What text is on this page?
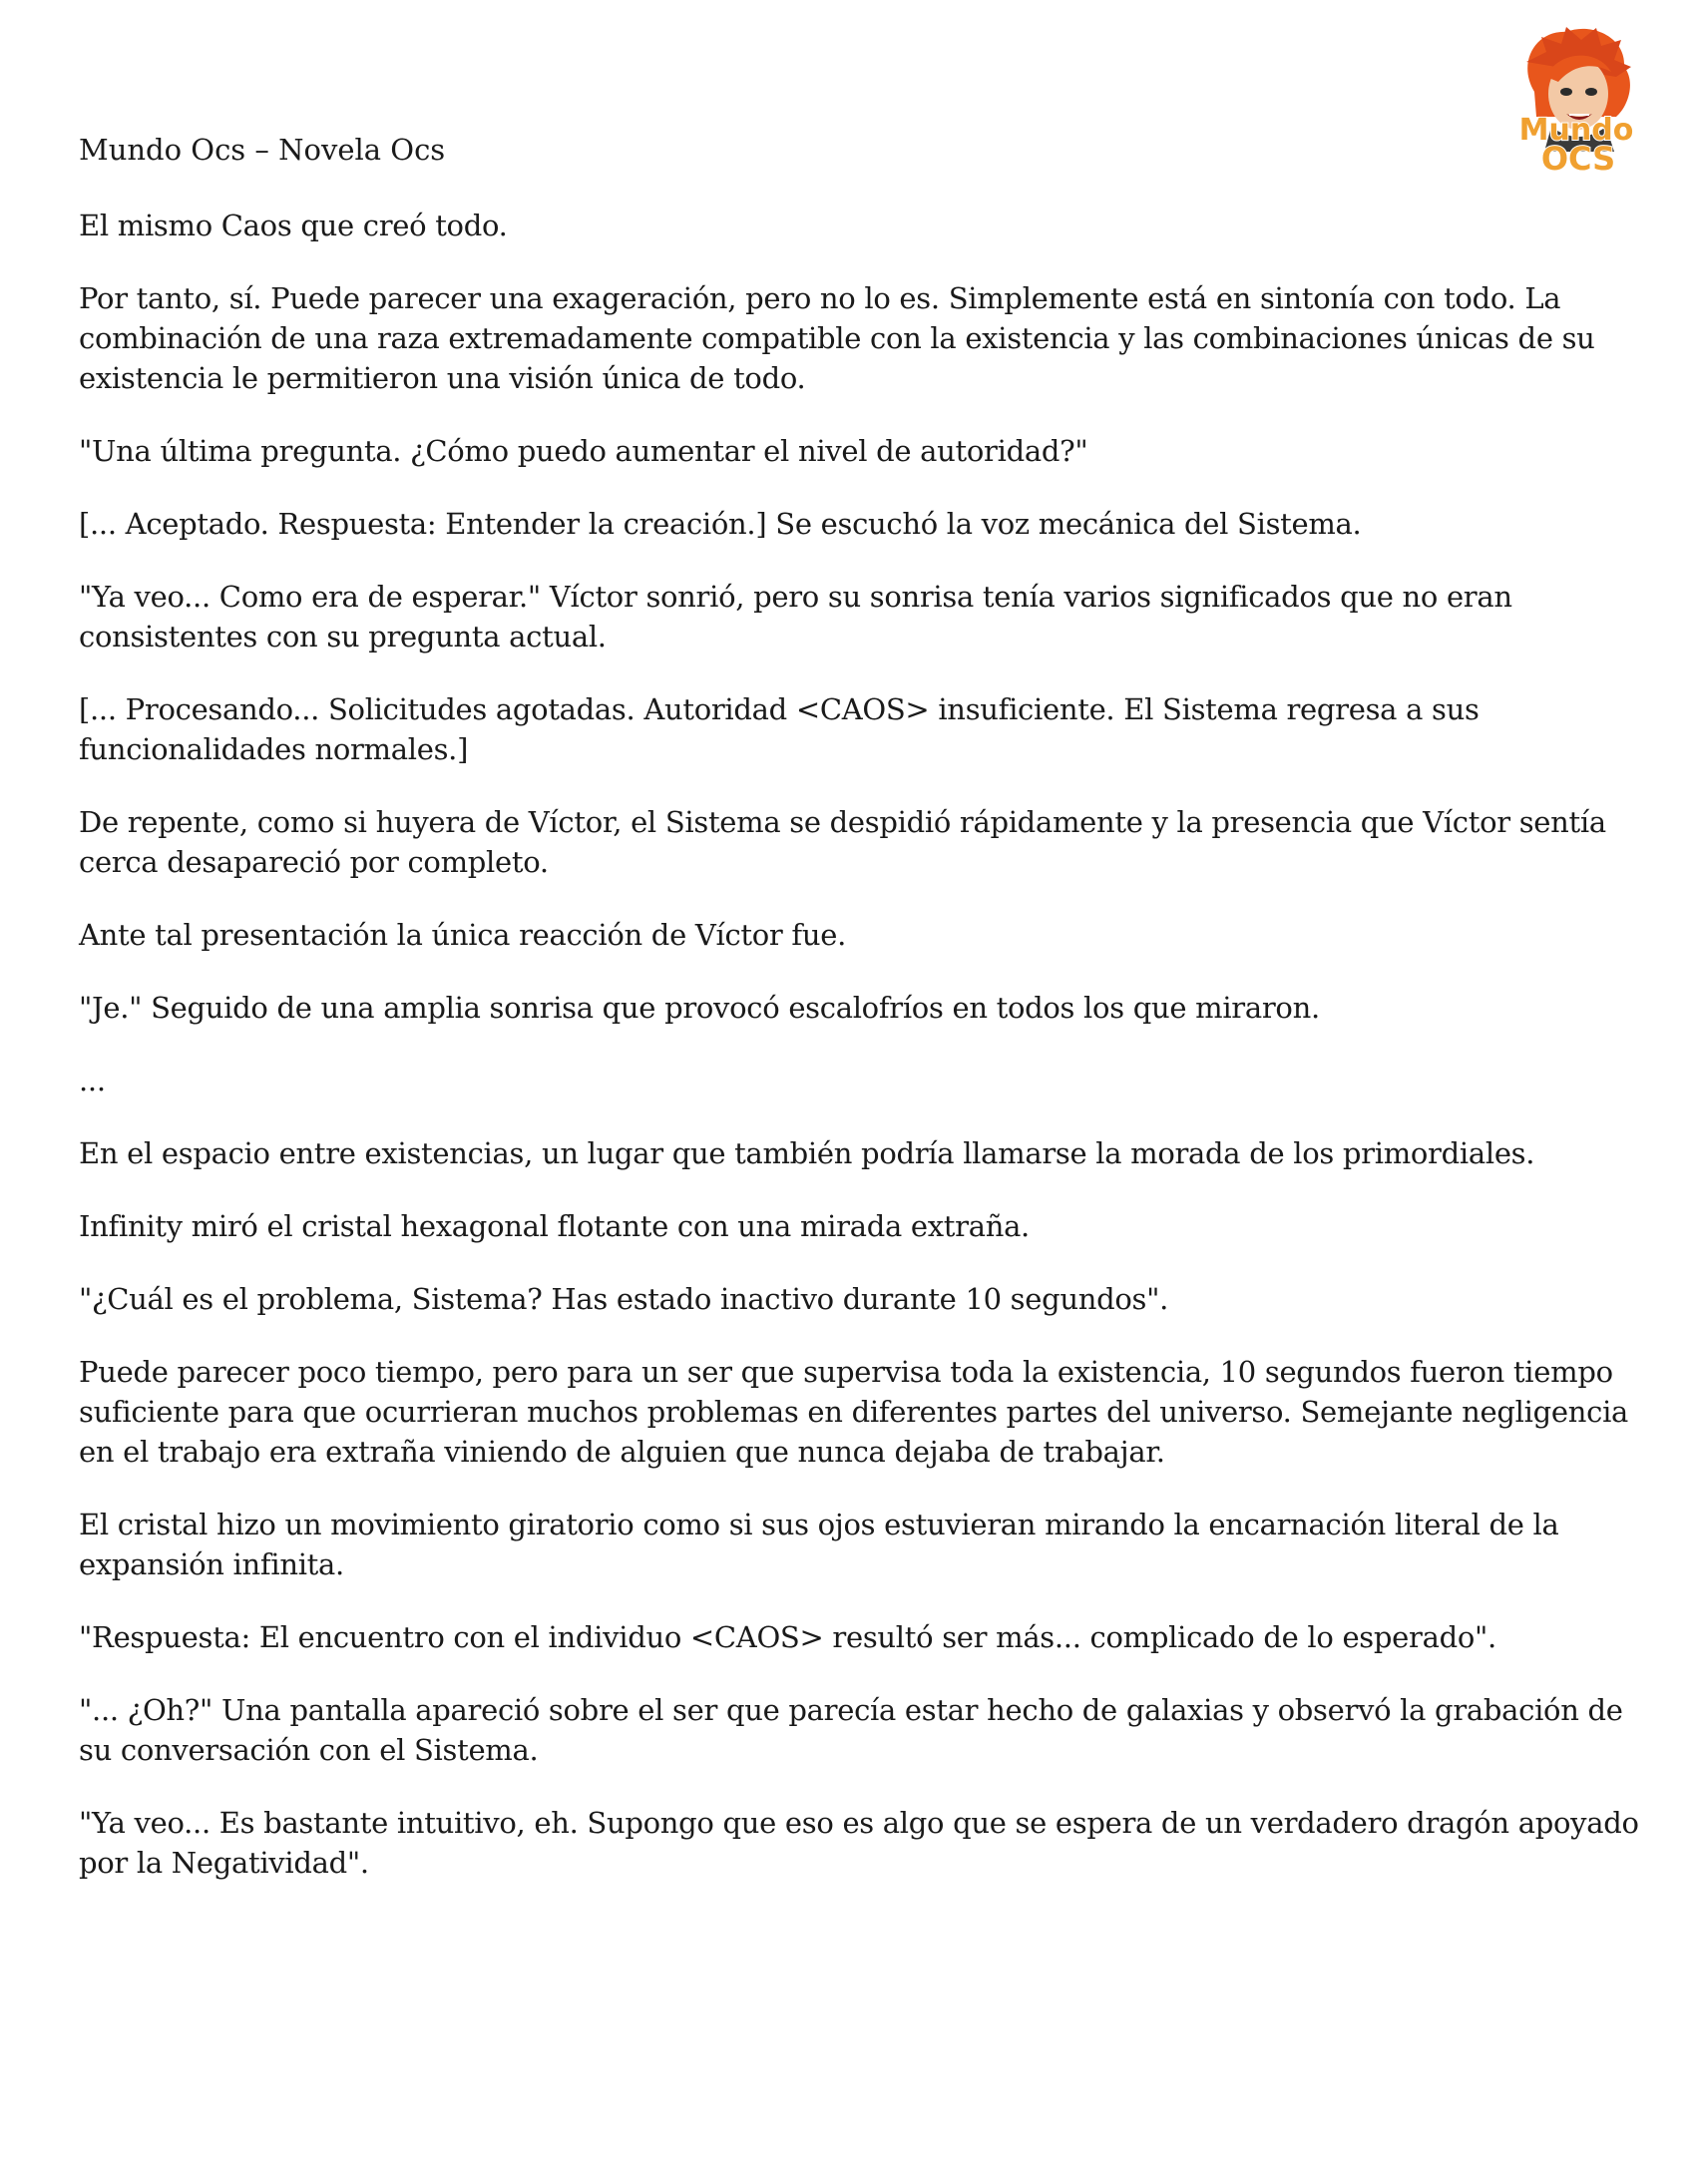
Mundo Ocs – Novela Ocs
Mundo
OCS

El mismo Caos que creó todo.

Por tanto, sí. Puede parecer una exageración, pero no lo es. Simplemente está en sintonía con todo. La combinación de una raza extremadamente compatible con la existencia y las combinaciones únicas de su existencia le permitieron una visión única de todo.

"Una última pregunta. ¿Cómo puedo aumentar el nivel de autoridad?"

[... Aceptado. Respuesta: Entender la creación.] Se escuchó la voz mecánica del Sistema.

"Ya veo... Como era de esperar." Víctor sonrió, pero su sonrisa tenía varios significados que no eran consistentes con su pregunta actual.

[... Procesando... Solicitudes agotadas. Autoridad <CAOS> insuficiente. El Sistema regresa a sus funcionalidades normales.]

De repente, como si huyera de Víctor, el Sistema se despidió rápidamente y la presencia que Víctor sentía cerca desapareció por completo.

Ante tal presentación la única reacción de Víctor fue.

"Je." Seguido de una amplia sonrisa que provocó escalofríos en todos los que miraron.

...

En el espacio entre existencias, un lugar que también podría llamarse la morada de los primordiales.

Infinity miró el cristal hexagonal flotante con una mirada extraña.

"¿Cuál es el problema, Sistema? Has estado inactivo durante 10 segundos".

Puede parecer poco tiempo, pero para un ser que supervisa toda la existencia, 10 segundos fueron tiempo suficiente para que ocurrieran muchos problemas en diferentes partes del universo. Semejante negligencia en el trabajo era extraña viniendo de alguien que nunca dejaba de trabajar.

El cristal hizo un movimiento giratorio como si sus ojos estuvieran mirando la encarnación literal de la expansión infinita.

"Respuesta: El encuentro con el individuo <CAOS> resultó ser más... complicado de lo esperado".

"... ¿Oh?" Una pantalla apareció sobre el ser que parecía estar hecho de galaxias y observó la grabación de su conversación con el Sistema.

"Ya veo... Es bastante intuitivo, eh. Supongo que eso es algo que se espera de un verdadero dragón apoyado por la Negatividad".
